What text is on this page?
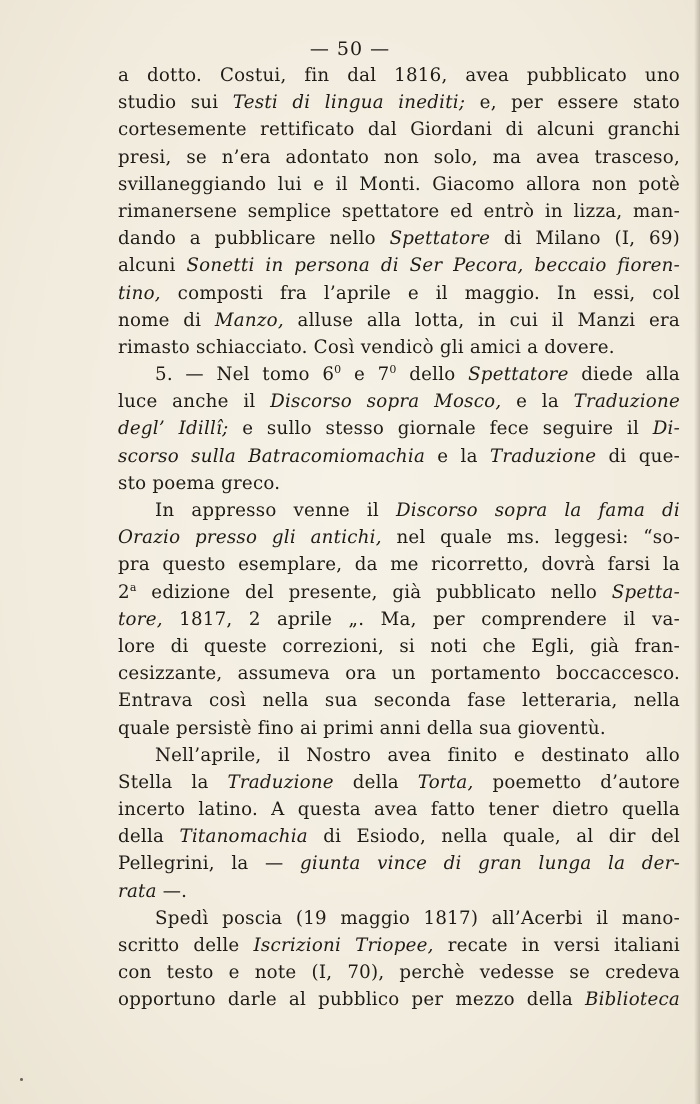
— 50 —
a dotto. Costui, fin dal 1816, avea pubblicato uno
studio sui Testi di lingua inediti; e, per essere stato
cortesemente rettificato dal Giordani di alcuni granchi
presi, se n’era adontato non solo, ma avea trasceso,
svillaneggiando lui e il Monti. Giacomo allora non potè
rimanersene semplice spettatore ed entrò in lizza, man-
dando a pubblicare nello Spettatore di Milano (I, 69)
alcuni Sonetti in persona di Ser Pecora, beccaio fioren-
tino, composti fra l’aprile e il maggio. In essi, col
nome di Manzo, alluse alla lotta, in cui il Manzi era
rimasto schiacciato. Così vendicò gli amici a dovere.
5. — Nel tomo $6^0$ e $7^0$ dello Spettatore diede alla
luce anche il Discorso sopra Mosco, e la Traduzione
degl’ Idillî; e sullo stesso giornale fece seguire il Di-
scorso sulla Batracomiomachia e la Traduzione di que-
sto poema greco.
In appresso venne il Discorso sopra la fama di
Orazio presso gli antichi, nel quale ms. leggesi: “so-
pra questo esemplare, da me ricorretto, dovrà farsi la
2$^a$ edizione del presente, già pubblicato nello Spetta-
tore, 1817, 2 aprile „. Ma, per comprendere il va-
lore di queste correzioni, si noti che Egli, già fran-
cesizzante, assumeva ora un portamento boccaccesco.
Entrava così nella sua seconda fase letteraria, nella
quale persistè fino ai primi anni della sua gioventù.
Nell’aprile, il Nostro avea finito e destinato allo
Stella la Traduzione della Torta, poemetto d’autore
incerto latino. A questa avea fatto tener dietro quella
della Titanomachia di Esiodo, nella quale, al dir del
Pellegrini, la — giunta vince di gran lunga la der-
rata —.
Spedì poscia (19 maggio 1817) all’Acerbi il mano-
scritto delle Iscrizioni Triopee, recate in versi italiani
con testo e note (I, 70), perchè vedesse se credeva
opportuno darle al pubblico per mezzo della Biblioteca
